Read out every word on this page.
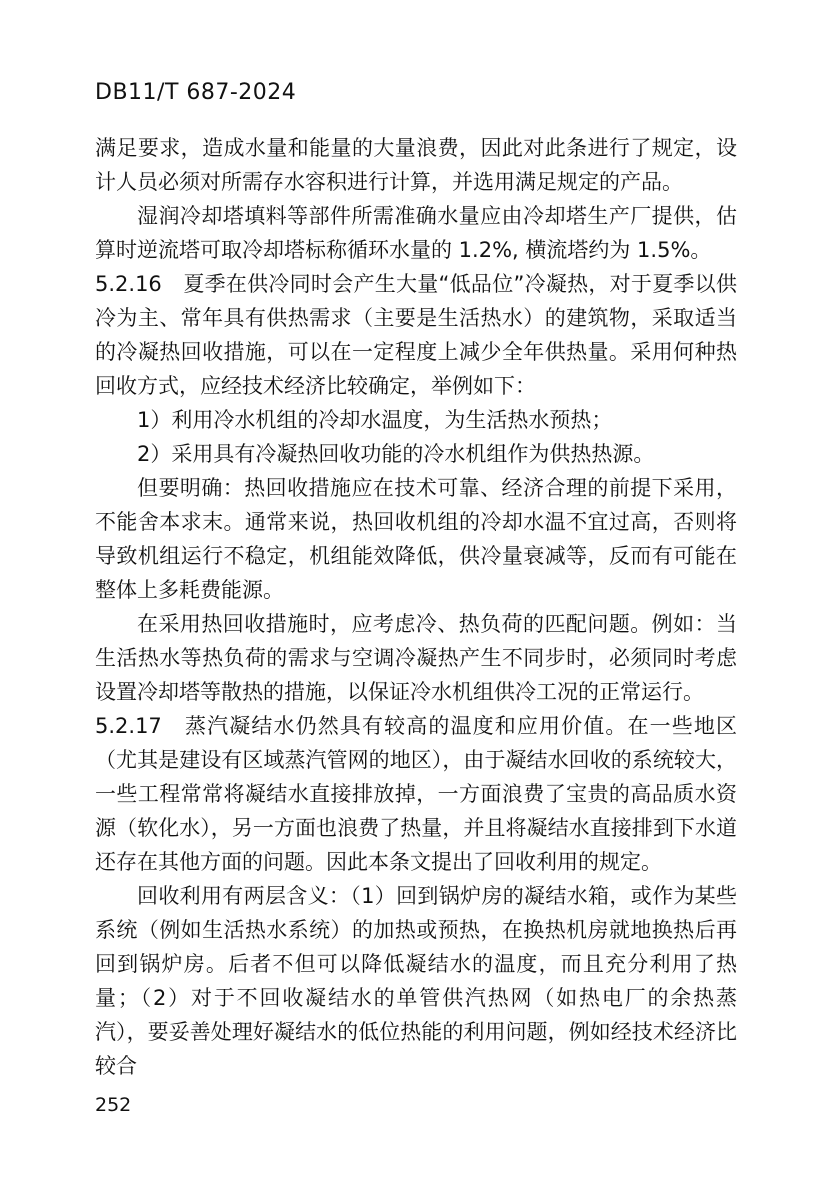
DB11/T 687-2024

满足要求，造成水量和能量的大量浪费，因此对此条进行了规定，设计人员必须对所需存水容积进行计算，并选用满足规定的产品。

湿润冷却塔填料等部件所需准确水量应由冷却塔生产厂提供，估算时逆流塔可取冷却塔标称循环水量的 1.2%, 横流塔约为 1.5%。

5.2.16　夏季在供冷同时会产生大量“低品位”冷凝热，对于夏季以供冷为主、常年具有供热需求（主要是生活热水）的建筑物，采取适当的冷凝热回收措施，可以在一定程度上减少全年供热量。采用何种热回收方式，应经技术经济比较确定，举例如下：

1）利用冷水机组的冷却水温度，为生活热水预热；

2）采用具有冷凝热回收功能的冷水机组作为供热热源。

但要明确：热回收措施应在技术可靠、经济合理的前提下采用，不能舍本求末。通常来说，热回收机组的冷却水温不宜过高，否则将导致机组运行不稳定，机组能效降低，供冷量衰减等，反而有可能在整体上多耗费能源。

在采用热回收措施时，应考虑冷、热负荷的匹配问题。例如：当生活热水等热负荷的需求与空调冷凝热产生不同步时，必须同时考虑设置冷却塔等散热的措施，以保证冷水机组供冷工况的正常运行。

5.2.17　蒸汽凝结水仍然具有较高的温度和应用价值。在一些地区（尤其是建设有区域蒸汽管网的地区），由于凝结水回收的系统较大，一些工程常常将凝结水直接排放掉，一方面浪费了宝贵的高品质水资源（软化水），另一方面也浪费了热量，并且将凝结水直接排到下水道还存在其他方面的问题。因此本条文提出了回收利用的规定。

回收利用有两层含义：（1）回到锅炉房的凝结水箱，或作为某些系统（例如生活热水系统）的加热或预热，在换热机房就地换热后再回到锅炉房。后者不但可以降低凝结水的温度，而且充分利用了热量；（2）对于不回收凝结水的单管供汽热网（如热电厂的余热蒸汽），要妥善处理好凝结水的低位热能的利用问题，例如经技术经济比较合

252
